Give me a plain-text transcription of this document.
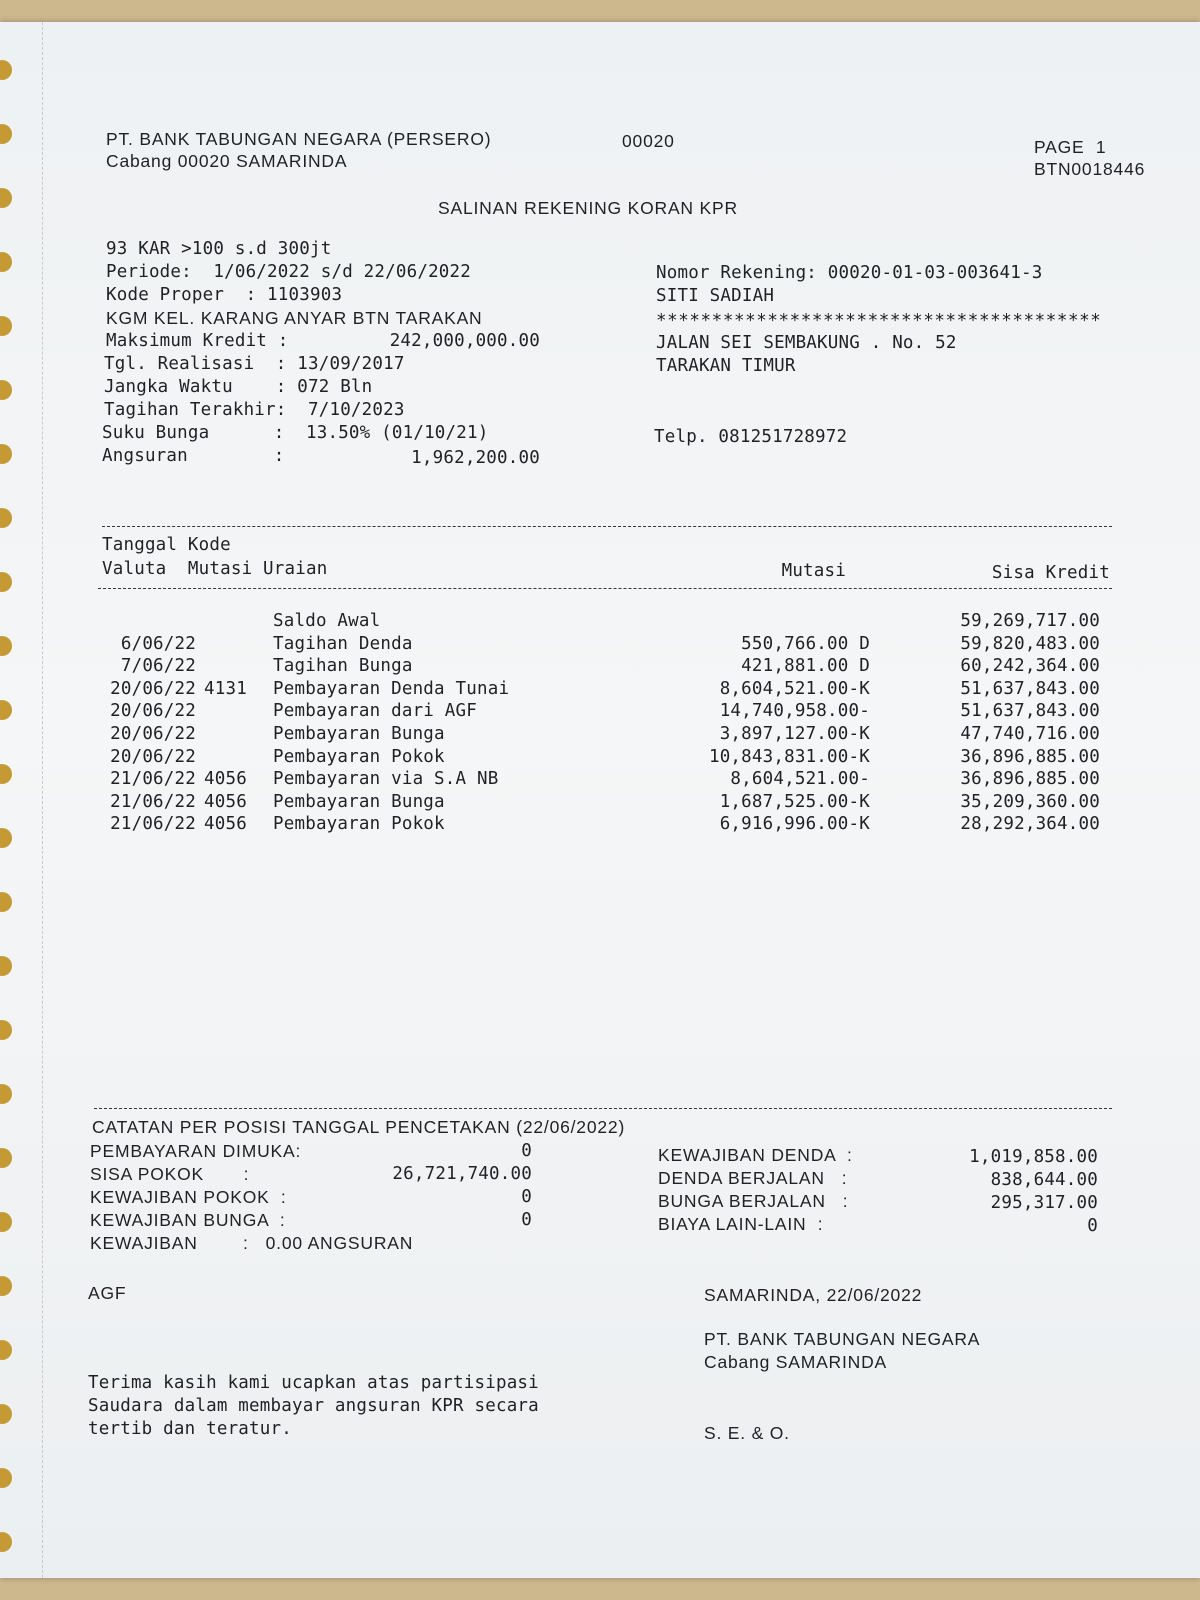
PT. BANK TABUNGAN NEGARA (PERSERO)
Cabang 00020 SAMARINDA
00020	PAGE  1
BTN0018446
SALINAN REKENING KORAN KPR
93 KAR >100 s.d 300jt
Periode:  1/06/2022 s/d 22/06/2022
Kode Proper  : 1103903
KGM KEL. KARANG ANYAR BTN TARAKAN
Maksimum Kredit :	242,000,000.00
Tgl. Realisasi  : 13/09/2017
Jangka Waktu    : 072 Bln
Tagihan Terakhir:  7/10/2023
Suku Bunga      :  13.50% (01/10/21)
Angsuran        :	1,962,200.00
Nomor Rekening: 00020-01-03-003641-3
SITI SADIAH
****************************************
JALAN SEI SEMBAKUNG . No. 52
TARAKAN TIMUR
Telp. 081251728972
Tanggal Kode
Valuta  Mutasi Uraian	Mutasi	Sisa Kredit
Saldo Awal	59,269,717.00
6/06/22	Tagihan Denda	550,766.00 D	59,820,483.00
7/06/22	Tagihan Bunga	421,881.00 D	60,242,364.00
20/06/22 4131	Pembayaran Denda Tunai	8,604,521.00-K	51,637,843.00
20/06/22	Pembayaran dari AGF	14,740,958.00-	51,637,843.00
20/06/22	Pembayaran Bunga	3,897,127.00-K	47,740,716.00
20/06/22	Pembayaran Pokok	10,843,831.00-K	36,896,885.00
21/06/22 4056	Pembayaran via S.A NB	8,604,521.00-	36,896,885.00
21/06/22 4056	Pembayaran Bunga	1,687,525.00-K	35,209,360.00
21/06/22 4056	Pembayaran Pokok	6,916,996.00-K	28,292,364.00
CATATAN PER POSISI TANGGAL PENCETAKAN (22/06/2022)
PEMBAYARAN DIMUKA:	0
SISA POKOK       :	26,721,740.00
KEWAJIBAN POKOK  :	0
KEWAJIBAN BUNGA  :	0
KEWAJIBAN DENDA  :	1,019,858.00
DENDA BERJALAN   :	838,644.00
BUNGA BERJALAN   :	295,317.00
BIAYA LAIN-LAIN  :	0
KEWAJIBAN        :   0.00 ANGSURAN
AGF	SAMARINDA, 22/06/2022
PT. BANK TABUNGAN NEGARA
Cabang SAMARINDA
Terima kasih kami ucapkan atas partisipasi
Saudara dalam membayar angsuran KPR secara
tertib dan teratur.	S. E. & O.
